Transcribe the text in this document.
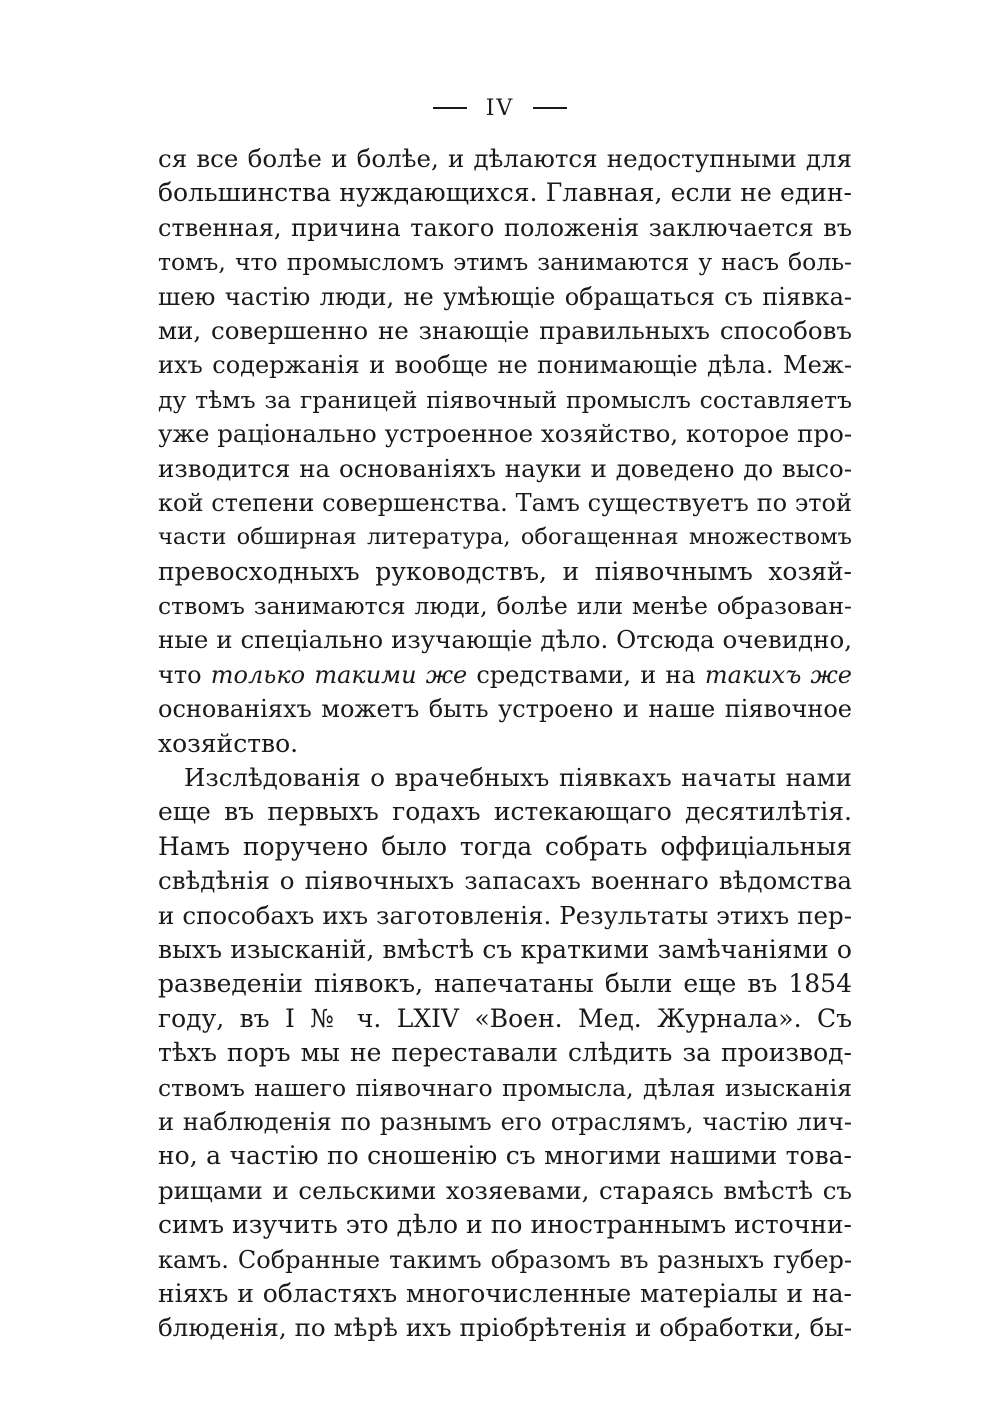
IV
ся все болѣе и болѣе, и дѣлаются недоступными для
большинства нуждающихся. Главная, если не един-
ственная, причина такого положенія заключается въ
томъ, что промысломъ этимъ занимаются у насъ боль-
шею частію люди, не умѣющіе обращаться съ піявка-
ми, совершенно не знающіе правильныхъ способовъ
ихъ содержанія и вообще не понимающіе дѣла. Меж-
ду тѣмъ за границей піявочный промыслъ составляетъ
уже раціонально устроенное хозяйство, которое про-
изводится на основаніяхъ науки и доведено до высо-
кой степени совершенства. Тамъ существуетъ по этой
части обширная литература, обогащенная множествомъ
превосходныхъ руководствъ, и піявочнымъ хозяй-
ствомъ занимаются люди, болѣе или менѣе образован-
ные и спеціально изучающіе дѣло. Отсюда очевидно,
что только такими же средствами, и на такихъ же
основаніяхъ можетъ быть устроено и наше піявочное
хозяйство.
Изслѣдованія о врачебныхъ піявкахъ начаты нами
еще въ первыхъ годахъ истекающаго десятилѣтія.
Намъ поручено было тогда собрать оффиціальныя
свѣдѣнія о піявочныхъ запасахъ военнаго вѣдомства
и способахъ ихъ заготовленія. Результаты этихъ пер-
выхъ изысканій, вмѣстѣ съ краткими замѣчаніями о
разведеніи піявокъ, напечатаны были еще въ 1854
году, въ I № ч. LXIV «Воен. Мед. Журнала». Съ
тѣхъ поръ мы не переставали слѣдить за производ-
ствомъ нашего піявочнаго промысла, дѣлая изысканія
и наблюденія по разнымъ его отраслямъ, частію лич-
но, а частію по сношенію съ многими нашими това-
рищами и сельскими хозяевами, стараясь вмѣстѣ съ
симъ изучить это дѣло и по иностраннымъ источни-
камъ. Собранные такимъ образомъ въ разныхъ губер-
ніяхъ и областяхъ многочисленные матеріалы и на-
блюденія, по мѣрѣ ихъ пріобрѣтенія и обработки, бы-
